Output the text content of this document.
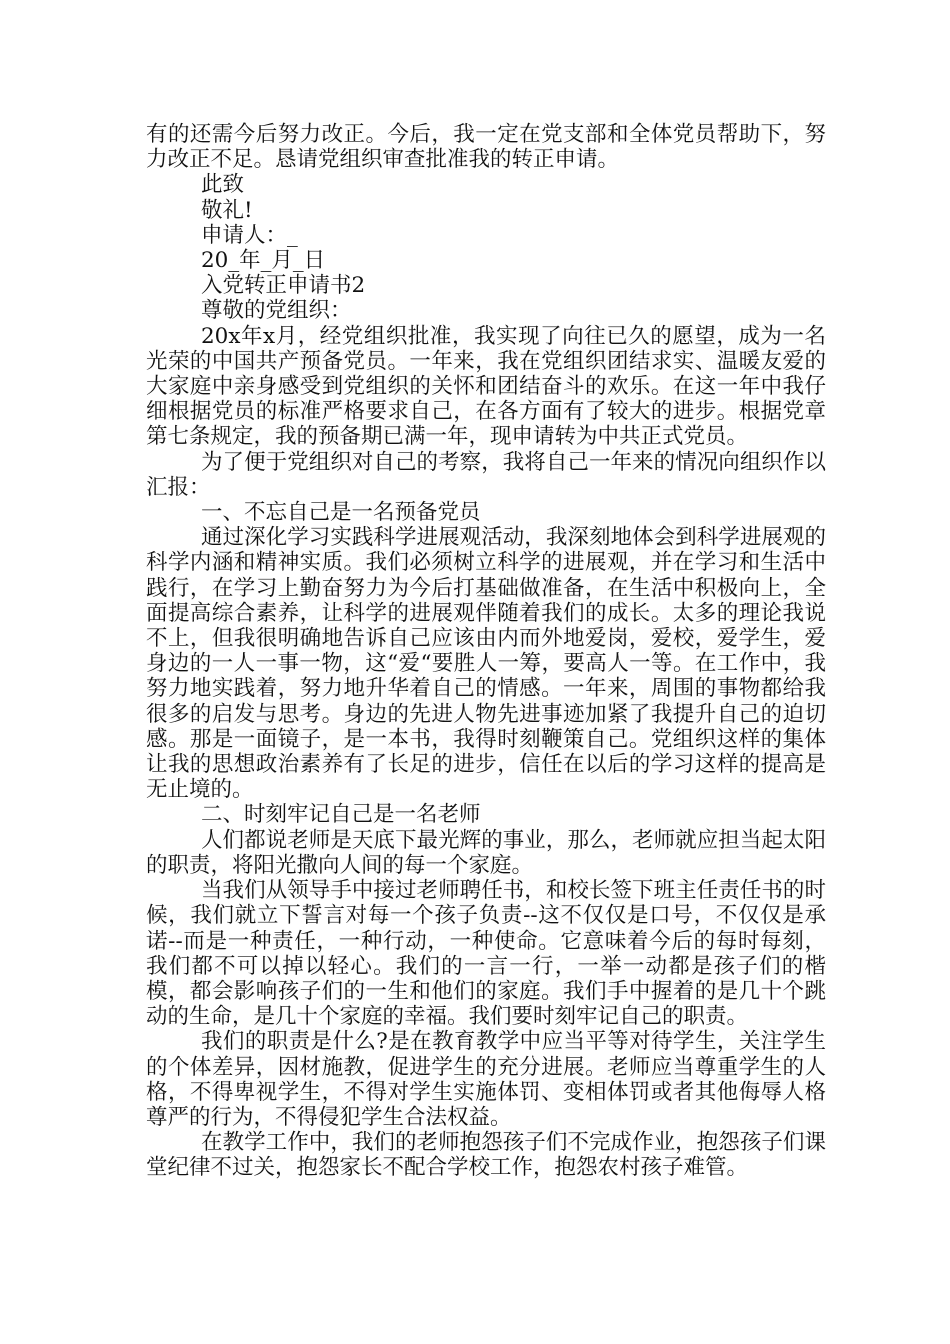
有的还需今后努力改正。今后，我一定在党支部和全体党员帮助下，努力改正不足。恳请党组织审查批准我的转正申请。

此致

敬礼!

申请人：_

20_年_月_日

入党转正申请书2

尊敬的党组织：

20x年x月，经党组织批准，我实现了向往已久的愿望，成为一名光荣的中国共产预备党员。一年来，我在党组织团结求实、温暖友爱的大家庭中亲身感受到党组织的关怀和团结奋斗的欢乐。在这一年中我仔细根据党员的标准严格要求自己，在各方面有了较大的进步。根据党章第七条规定，我的预备期已满一年，现申请转为中共正式党员。

为了便于党组织对自己的考察，我将自己一年来的情况向组织作以汇报：

一、不忘自己是一名预备党员

通过深化学习实践科学进展观活动，我深刻地体会到科学进展观的科学内涵和精神实质。我们必须树立科学的进展观，并在学习和生活中践行，在学习上勤奋努力为今后打基础做准备，在生活中积极向上，全面提高综合素养，让科学的进展观伴随着我们的成长。太多的理论我说不上，但我很明确地告诉自己应该由内而外地爱岗，爱校，爱学生，爱身边的一人一事一物，这“爱“要胜人一筹，要高人一等。在工作中，我努力地实践着，努力地升华着自己的情感。一年来，周围的事物都给我很多的启发与思考。身边的先进人物先进事迹加紧了我提升自己的迫切感。那是一面镜子，是一本书，我得时刻鞭策自己。党组织这样的集体让我的思想政治素养有了长足的进步，信任在以后的学习这样的提高是无止境的。

二、时刻牢记自己是一名老师

人们都说老师是天底下最光辉的事业，那么，老师就应担当起太阳的职责，将阳光撒向人间的每一个家庭。

当我们从领导手中接过老师聘任书，和校长签下班主任责任书的时候，我们就立下誓言对每一个孩子负责--这不仅仅是口号，不仅仅是承诺--而是一种责任，一种行动，一种使命。它意味着今后的每时每刻，我们都不可以掉以轻心。我们的一言一行，一举一动都是孩子们的楷模，都会影响孩子们的一生和他们的家庭。我们手中握着的是几十个跳动的生命，是几十个家庭的幸福。我们要时刻牢记自己的职责。

我们的职责是什么?是在教育教学中应当平等对待学生，关注学生的个体差异，因材施教，促进学生的充分进展。老师应当尊重学生的人格，不得卑视学生，不得对学生实施体罚、变相体罚或者其他侮辱人格尊严的行为，不得侵犯学生合法权益。

在教学工作中，我们的老师抱怨孩子们不完成作业，抱怨孩子们课堂纪律不过关，抱怨家长不配合学校工作，抱怨农村孩子难管。
